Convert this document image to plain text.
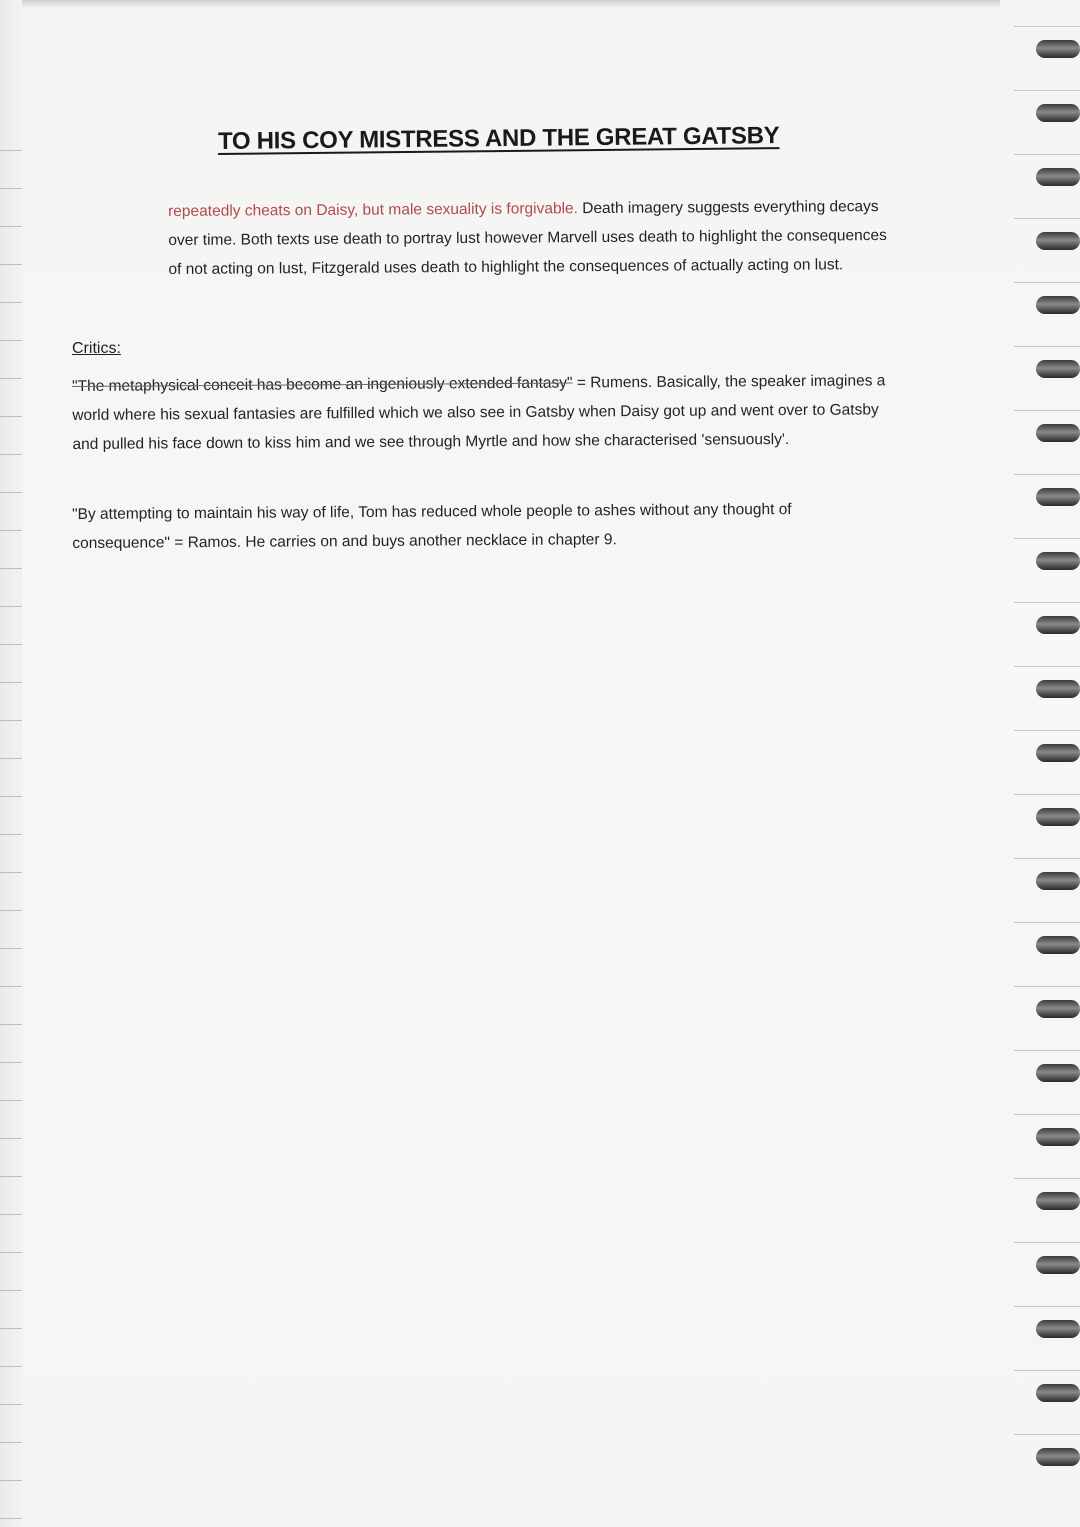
TO HIS COY MISTRESS AND THE GREAT GATSBY
repeatedly cheats on Daisy, but male sexuality is forgivable. Death imagery suggests everything decays over time. Both texts use death to portray lust however Marvell uses death to highlight the consequences of not acting on lust, Fitzgerald uses death to highlight the consequences of actually acting on lust.
Critics:
"The metaphysical conceit has become an ingeniously extended fantasy" = Rumens. Basically, the speaker imagines a world where his sexual fantasies are fulfilled which we also see in Gatsby when Daisy got up and went over to Gatsby and pulled his face down to kiss him and we see through Myrtle and how she characterised 'sensuously'.
"By attempting to maintain his way of life, Tom has reduced whole people to ashes without any thought of consequence" = Ramos. He carries on and buys another necklace in chapter 9.
